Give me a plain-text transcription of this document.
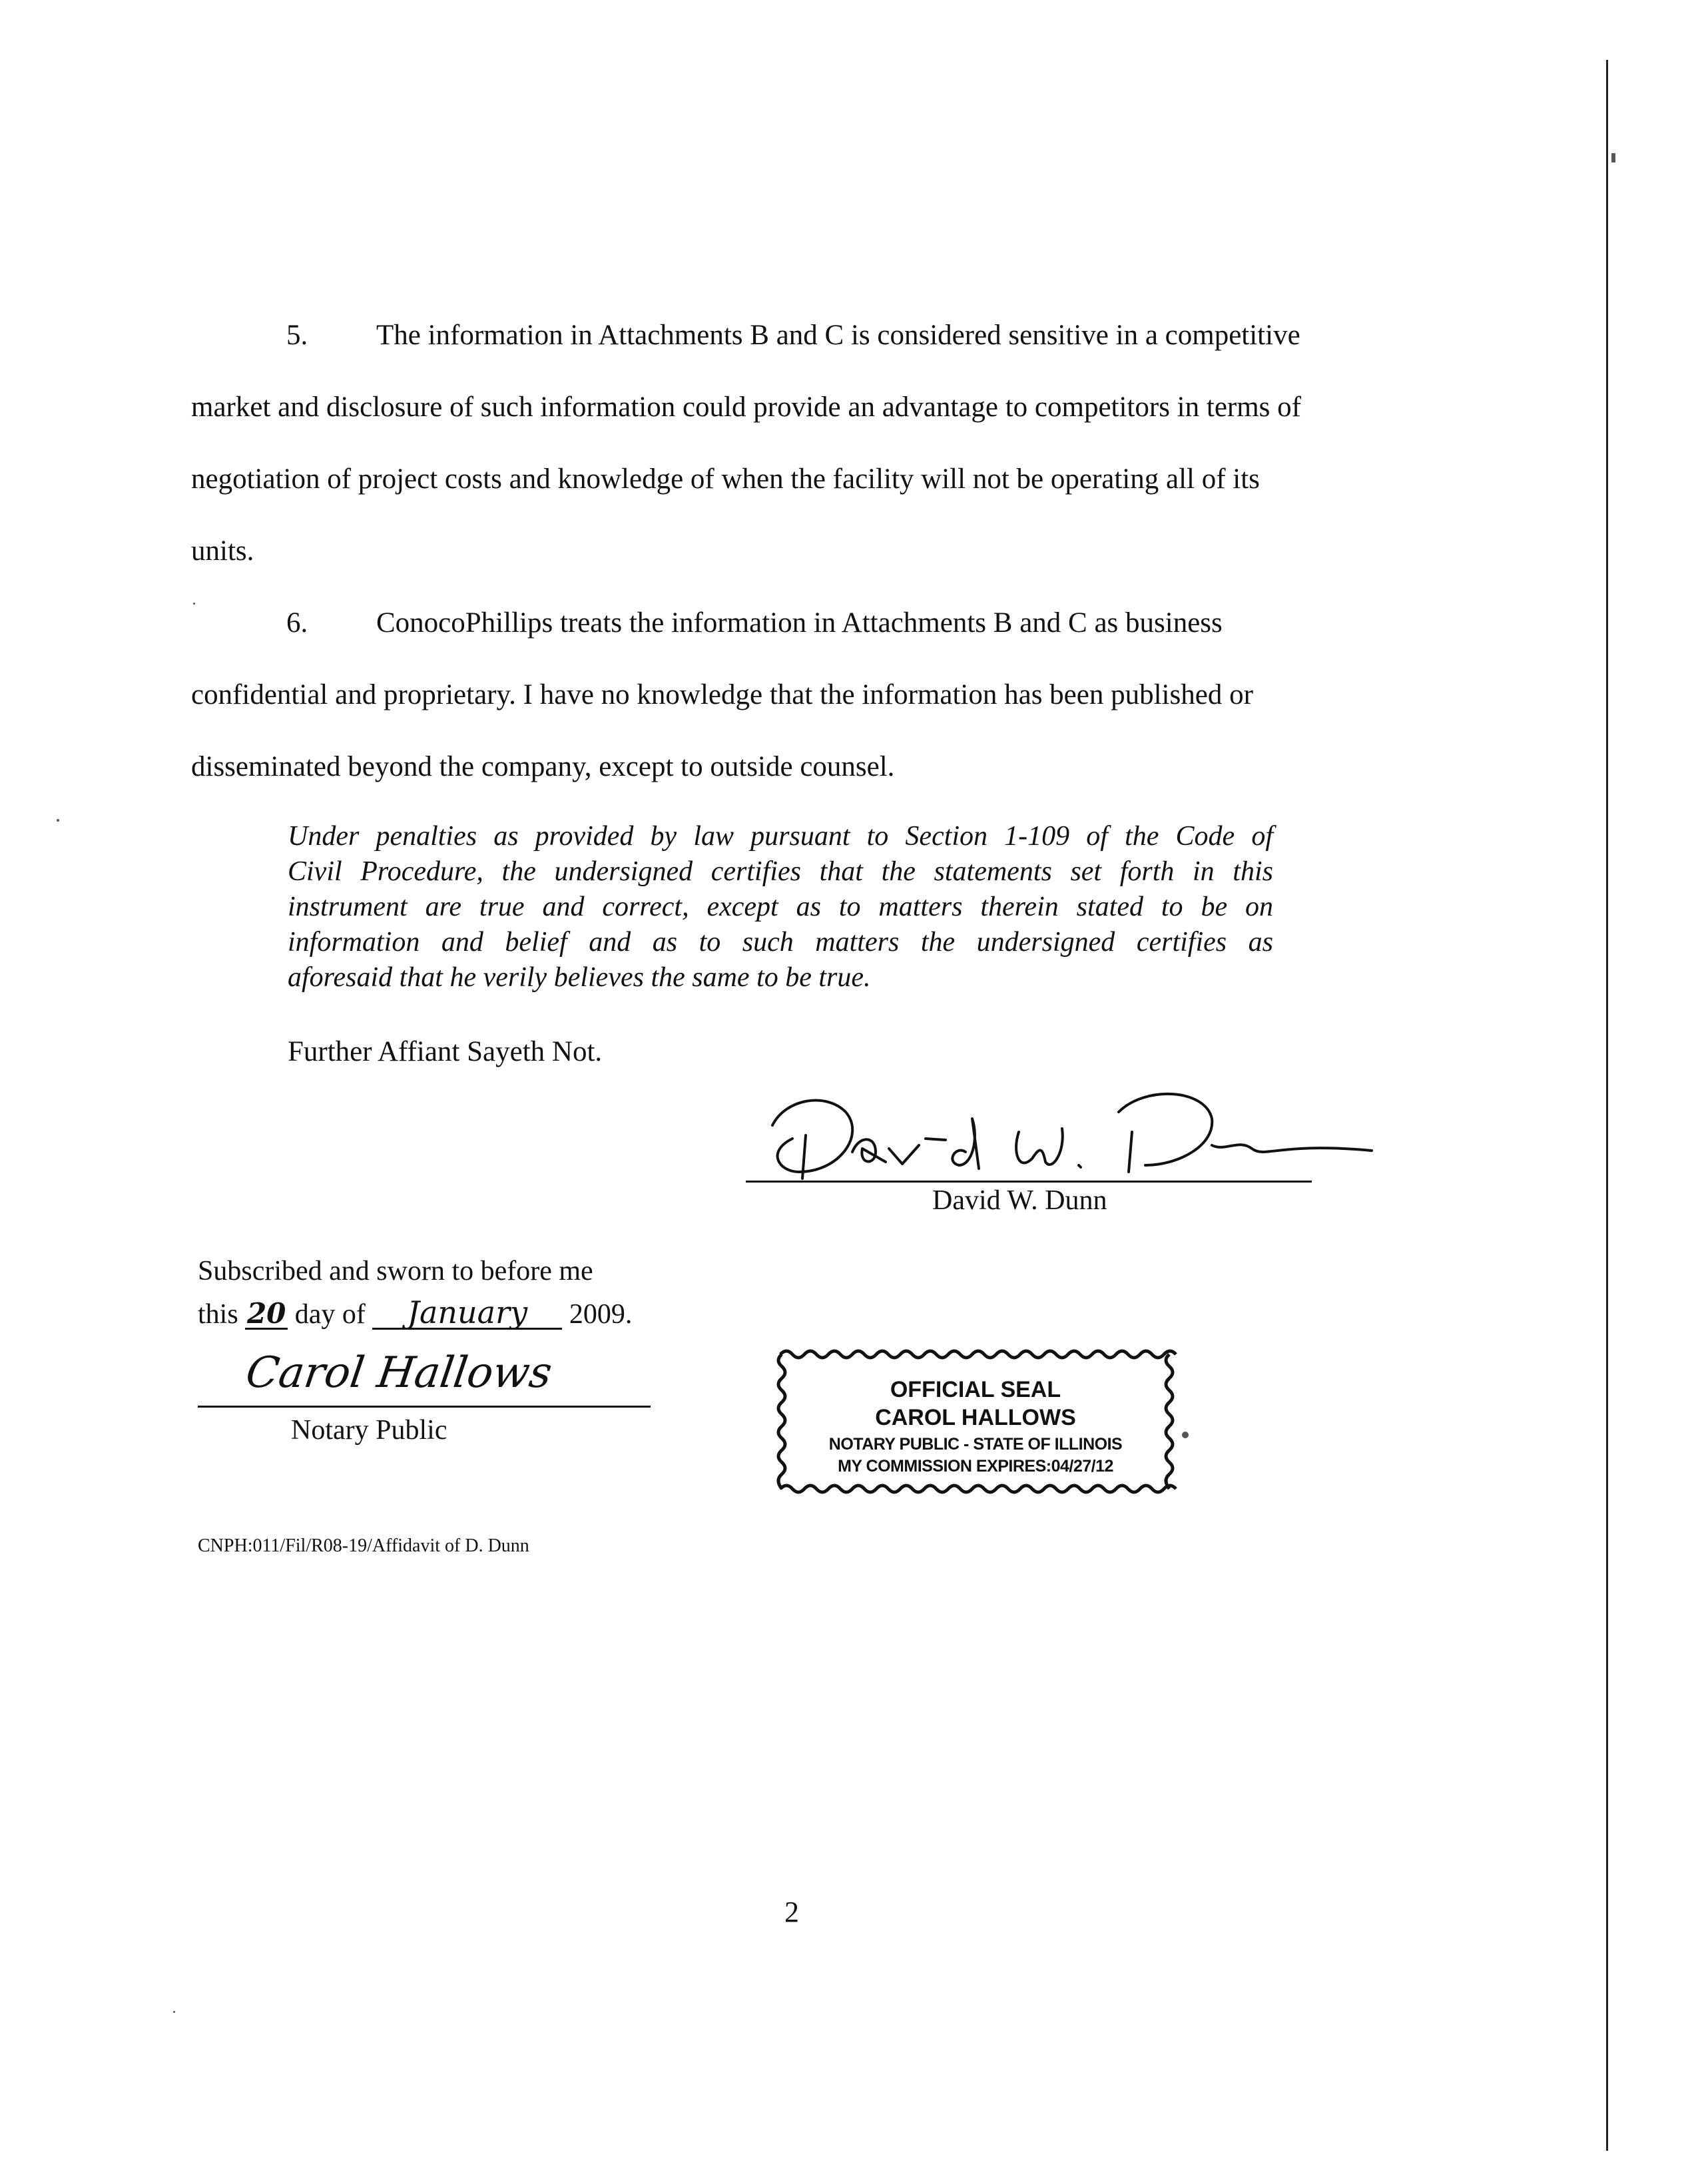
5. The information in Attachments B and C is considered sensitive in a competitive
market and disclosure of such information could provide an advantage to competitors in terms of
negotiation of project costs and knowledge of when the facility will not be operating all of its
units.
6. ConocoPhillips treats the information in Attachments B and C as business
confidential and proprietary. I have no knowledge that the information has been published or
disseminated beyond the company, except to outside counsel.
Under penalties as provided by law pursuant to Section 1-109 of the Code of
Civil Procedure, the undersigned certifies that the statements set forth in this
instrument are true and correct, except as to matters therein stated to be on
information and belief and as to such matters the undersigned certifies as
aforesaid that he verily believes the same to be true.
Further Affiant Sayeth Not.
David W. Dunn
Subscribed and sworn to before me
this 20 day of January 2009.
Carol Hallows
Notary Public
OFFICIAL SEAL
CAROL HALLOWS
NOTARY PUBLIC - STATE OF ILLINOIS
MY COMMISSION EXPIRES:04/27/12
CNPH:011/Fil/R08-19/Affidavit of D. Dunn
2
